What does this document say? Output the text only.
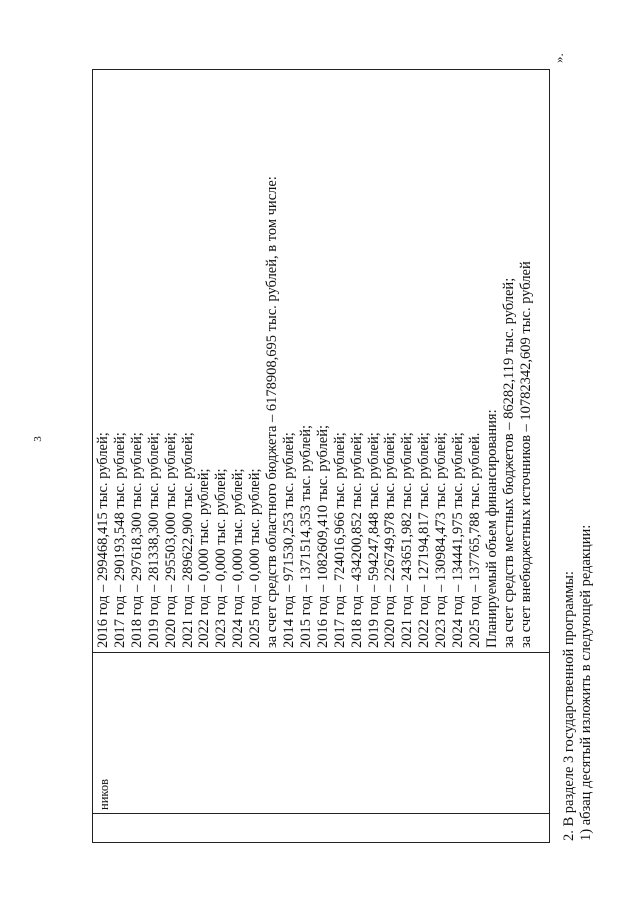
3

ников

2016 год – 299468,415 тыс. рублей; 2017 год – 290193,548 тыс. рублей; 2018 год – 297618,300 тыс. рублей; 2019 год – 281338,300 тыс. рублей; 2020 год – 295503,000 тыс. рублей; 2021 год – 289622,900 тыс. рублей; 2022 год – 0,000 тыс. рублей; 2023 год – 0,000 тыс. рублей; 2024 год – 0,000 тыс. рублей; 2025 год – 0,000 тыс. рублей; за счет средств областного бюджета – 6178908,695 тыс. рублей, в том числе: 2014 год – 971530,253 тыс. рублей; 2015 год – 1371514,353 тыс. рублей; 2016 год – 1082609,410 тыс. рублей; 2017 год – 724016,966 тыс. рублей; 2018 год – 434200,852 тыс. рублей; 2019 год – 594247,848 тыс. рублей; 2020 год – 226749,978 тыс. рублей; 2021 год – 243651,982 тыс. рублей; 2022 год – 127194,817 тыс. рублей; 2023 год – 130984,473 тыс. рублей; 2024 год – 134441,975 тыс. рублей; 2025 год – 137765,788 тыс. рублей. Планируемый объем финансирования: за счет средств местных бюджетов – 86282,119 тыс. рублей; за счет внебюджетных источников – 10782342,609 тыс. рублей
».
2. В разделе 3 государственной программы: 1) абзац десятый изложить в следующей редакции:
